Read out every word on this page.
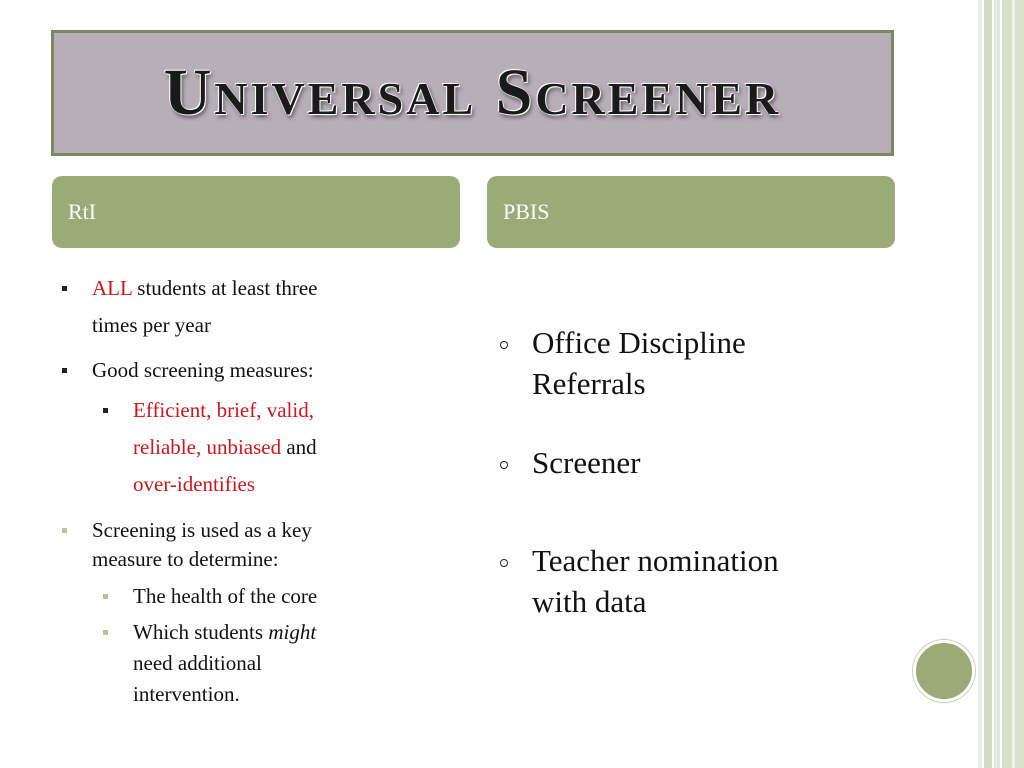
Universal Screener
RtI	PBIS
ALL students at least three
times per year
Good screening measures:
Efficient, brief, valid,
reliable, unbiased and
over-identifies
Screening is used as a key
measure to determine:
The health of the core
Which students might
need additional
intervention.
Office Discipline
Referrals
Screener
Teacher nomination
with data
